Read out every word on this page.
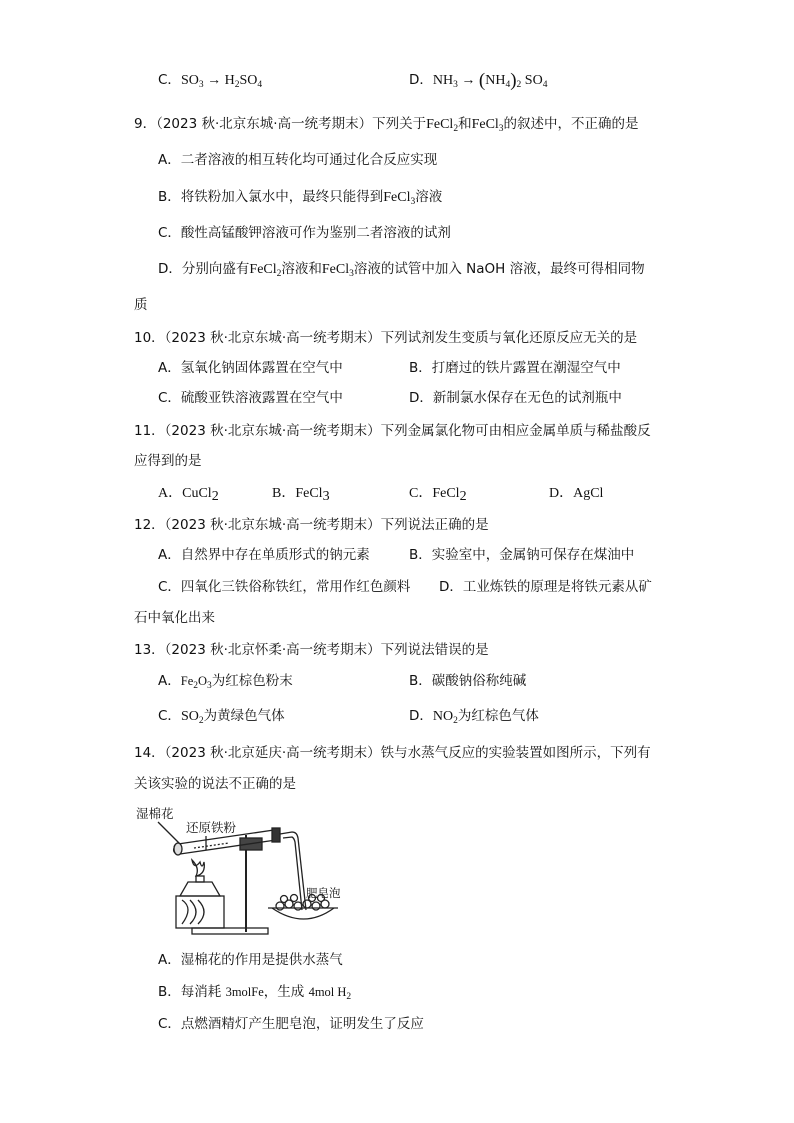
C．$SO_3 \to H_2SO_4$	D．$NH_3 \to (NH_4)_2$ $SO_4$
9．（2023 秋·北京东城·高一统考期末）下列关于FeCl$_2$和FeCl$_3$的叙述中，不正确的是
A．二者溶液的相互转化均可通过化合反应实现
B．将铁粉加入氯水中，最终只能得到FeCl$_3$溶液
C．酸性高锰酸钾溶液可作为鉴别二者溶液的试剂
D．分别向盛有FeCl$_2$溶液和FeCl$_3$溶液的试管中加入 NaOH 溶液，最终可得相同物
质
10．（2023 秋·北京东城·高一统考期末）下列试剂发生变质与氧化还原反应无关的是
A．氢氧化钠固体露置在空气中	B．打磨过的铁片露置在潮湿空气中
C．硫酸亚铁溶液露置在空气中	D．新制氯水保存在无色的试剂瓶中
11．（2023 秋·北京东城·高一统考期末）下列金属氯化物可由相应金属单质与稀盐酸反
应得到的是
A．CuCl$_2$	B．FeCl$_3$	C．FeCl$_2$	D．AgCl
12．（2023 秋·北京东城·高一统考期末）下列说法正确的是
A．自然界中存在单质形式的钠元素	B．实验室中，金属钠可保存在煤油中
C．四氧化三铁俗称铁红，常用作红色颜料 D．工业炼铁的原理是将铁元素从矿
石中氧化出来
13．（2023 秋·北京怀柔·高一统考期末）下列说法错误的是
A．$Fe_2O_3$为红棕色粉末	B．碳酸钠俗称纯碱
C．$SO_2$为黄绿色气体	D．$NO_2$为红棕色气体
14．（2023 秋·北京延庆·高一统考期末）铁与水蒸气反应的实验装置如图所示，下列有
关该实验的说法不正确的是
湿棉花
还原铁粉
肥皂泡
A．湿棉花的作用是提供水蒸气
B．每消耗 3molFe，生成 4mol $H_2$
C．点燃酒精灯产生肥皂泡，证明发生了反应
